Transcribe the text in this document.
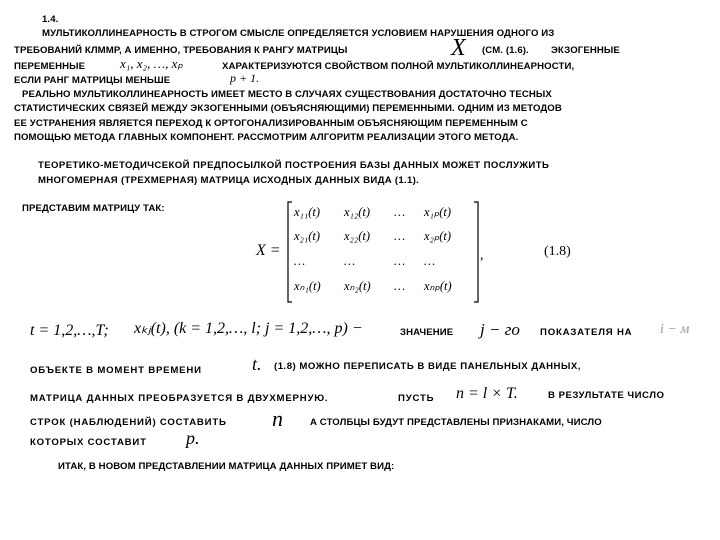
1.4.
МУЛЬТИКОЛЛИНЕАРНОСТЬ В СТРОГОМ СМЫСЛЕ ОПРЕДЕЛЯЕТСЯ УСЛОВИЕМ НАРУШЕНИЯ ОДНОГО ИЗ
ТРЕБОВАНИЙ КЛММР, А ИМЕННО, ТРЕБОВАНИЯ К РАНГУ МАТРИЦЫ	X (СМ. (1.6). ЭКЗОГЕННЫЕ
ПЕРЕМЕННЫЕ	x₁, x₂, …, xₚ	ХАРАКТЕРИЗУЮТСЯ СВОЙСТВОМ ПОЛНОЙ МУЛЬТИКОЛЛИНЕАРНОСТИ,
ЕСЛИ РАНГ МАТРИЦЫ МЕНЬШЕ	p + 1.
РЕАЛЬНО МУЛЬТИКОЛЛИНЕАРНОСТЬ ИМЕЕТ МЕСТО В СЛУЧАЯХ СУЩЕСТВОВАНИЯ ДОСТАТОЧНО ТЕСНЫХ
СТАТИСТИЧЕСКИХ СВЯЗЕЙ МЕЖДУ ЭКЗОГЕННЫМИ (ОБЪЯСНЯЮЩИМИ) ПЕРЕМЕННЫМИ. ОДНИМ ИЗ МЕТОДОВ
ЕЕ УСТРАНЕНИЯ ЯВЛЯЕТСЯ ПЕРЕХОД К ОРТОГОНАЛИЗИРОВАННЫМ ОБЪЯСНЯЮЩИМ ПЕРЕМЕННЫМ С
ПОМОЩЬЮ МЕТОДА ГЛАВНЫХ КОМПОНЕНТ. РАССМОТРИМ АЛГОРИТМ РЕАЛИЗАЦИИ ЭТОГО МЕТОДА.
ТЕОРЕТИКО-МЕТОДИЧСЕКОЙ ПРЕДПОСЫЛКОЙ ПОСТРОЕНИЯ БАЗЫ ДАННЫХ МОЖЕТ ПОСЛУЖИТЬ
МНОГОМЕРНАЯ (ТРЕХМЕРНАЯ) МАТРИЦА ИСХОДНЫХ ДАННЫХ ВИДА (1.1).
ПРЕДСТАВИМ МАТРИЦУ ТАК:
X =
x₁₁(t) x₁₂(t) … x₁ₚ(t)
x₂₁(t) x₂₂(t) … x₂ₚ(t)
…	…	… …
xₙ₁(t) xₙ₂(t) … xₙₚ(t)
,	(1.8)
t = 1,2,…,T; xₖⱼ(t), (k = 1,2,…, l; j = 1,2,…, p) −	ЗНАЧЕНИЕ j − го ПОКАЗАТЕЛЯ НА i − м
ОБЪЕКТЕ В МОМЕНТ ВРЕМЕНИ	t. (1.8) МОЖНО ПЕРЕПИСАТЬ В ВИДЕ ПАНЕЛЬНЫХ ДАННЫХ,
МАТРИЦА ДАННЫХ ПРЕОБРАЗУЕТСЯ В ДВУХМЕРНУЮ.	ПУСТЬ n = l × T.	В РЕЗУЛЬТАТЕ ЧИСЛО
СТРОК (НАБЛЮДЕНИЙ) СОСТАВИТЬ n	А СТОЛБЦЫ БУДУТ ПРЕДСТАВЛЕНЫ ПРИЗНАКАМИ, ЧИСЛО
КОТОРЫХ СОСТАВИТ p.
ИТАК, В НОВОМ ПРЕДСТАВЛЕНИИ МАТРИЦА ДАННЫХ ПРИМЕТ ВИД:
